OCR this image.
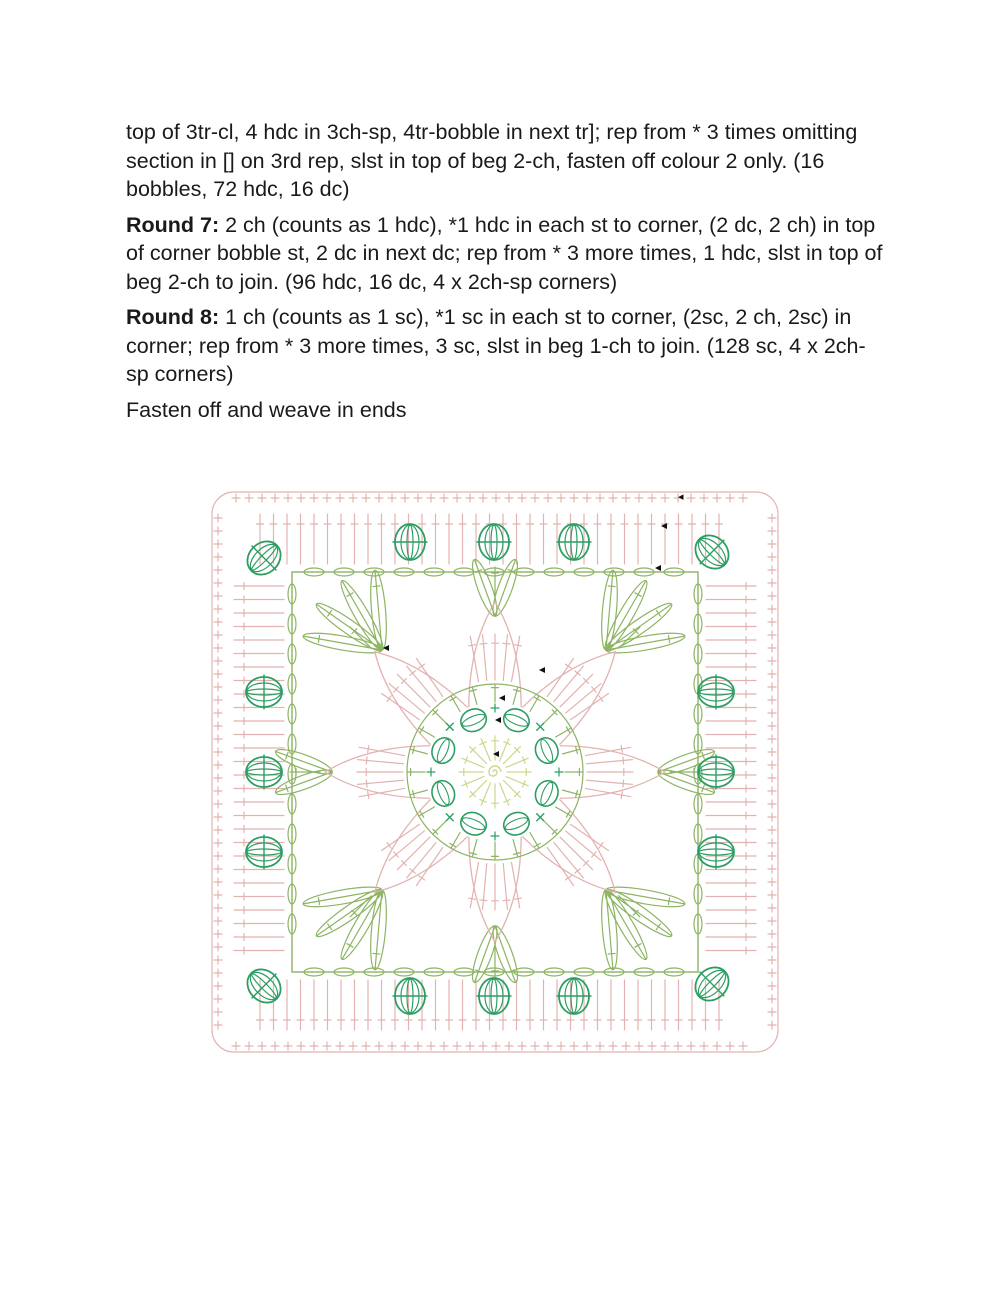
top of 3tr-cl, 4 hdc in 3ch-sp, 4tr-bobble in next tr]; rep from * 3 times omitting section in [] on 3rd rep, slst in top of beg 2-ch, fasten off colour 2 only. (16 bobbles, 72 hdc, 16 dc)

Round 7: 2 ch (counts as 1 hdc), *1 hdc in each st to corner, (2 dc, 2 ch) in top of corner bobble st, 2 dc in next dc; rep from * 3 more times, 1 hdc, slst in top of beg 2-ch to join. (96 hdc, 16 dc, 4 x 2ch-sp corners)

Round 8: 1 ch (counts as 1 sc), *1 sc in each st to corner, (2sc, 2 ch, 2sc) in corner; rep from * 3 more times, 3 sc, slst in beg 1-ch to join. (128 sc, 4 x 2ch-sp corners)

Fasten off and weave in ends

◂
